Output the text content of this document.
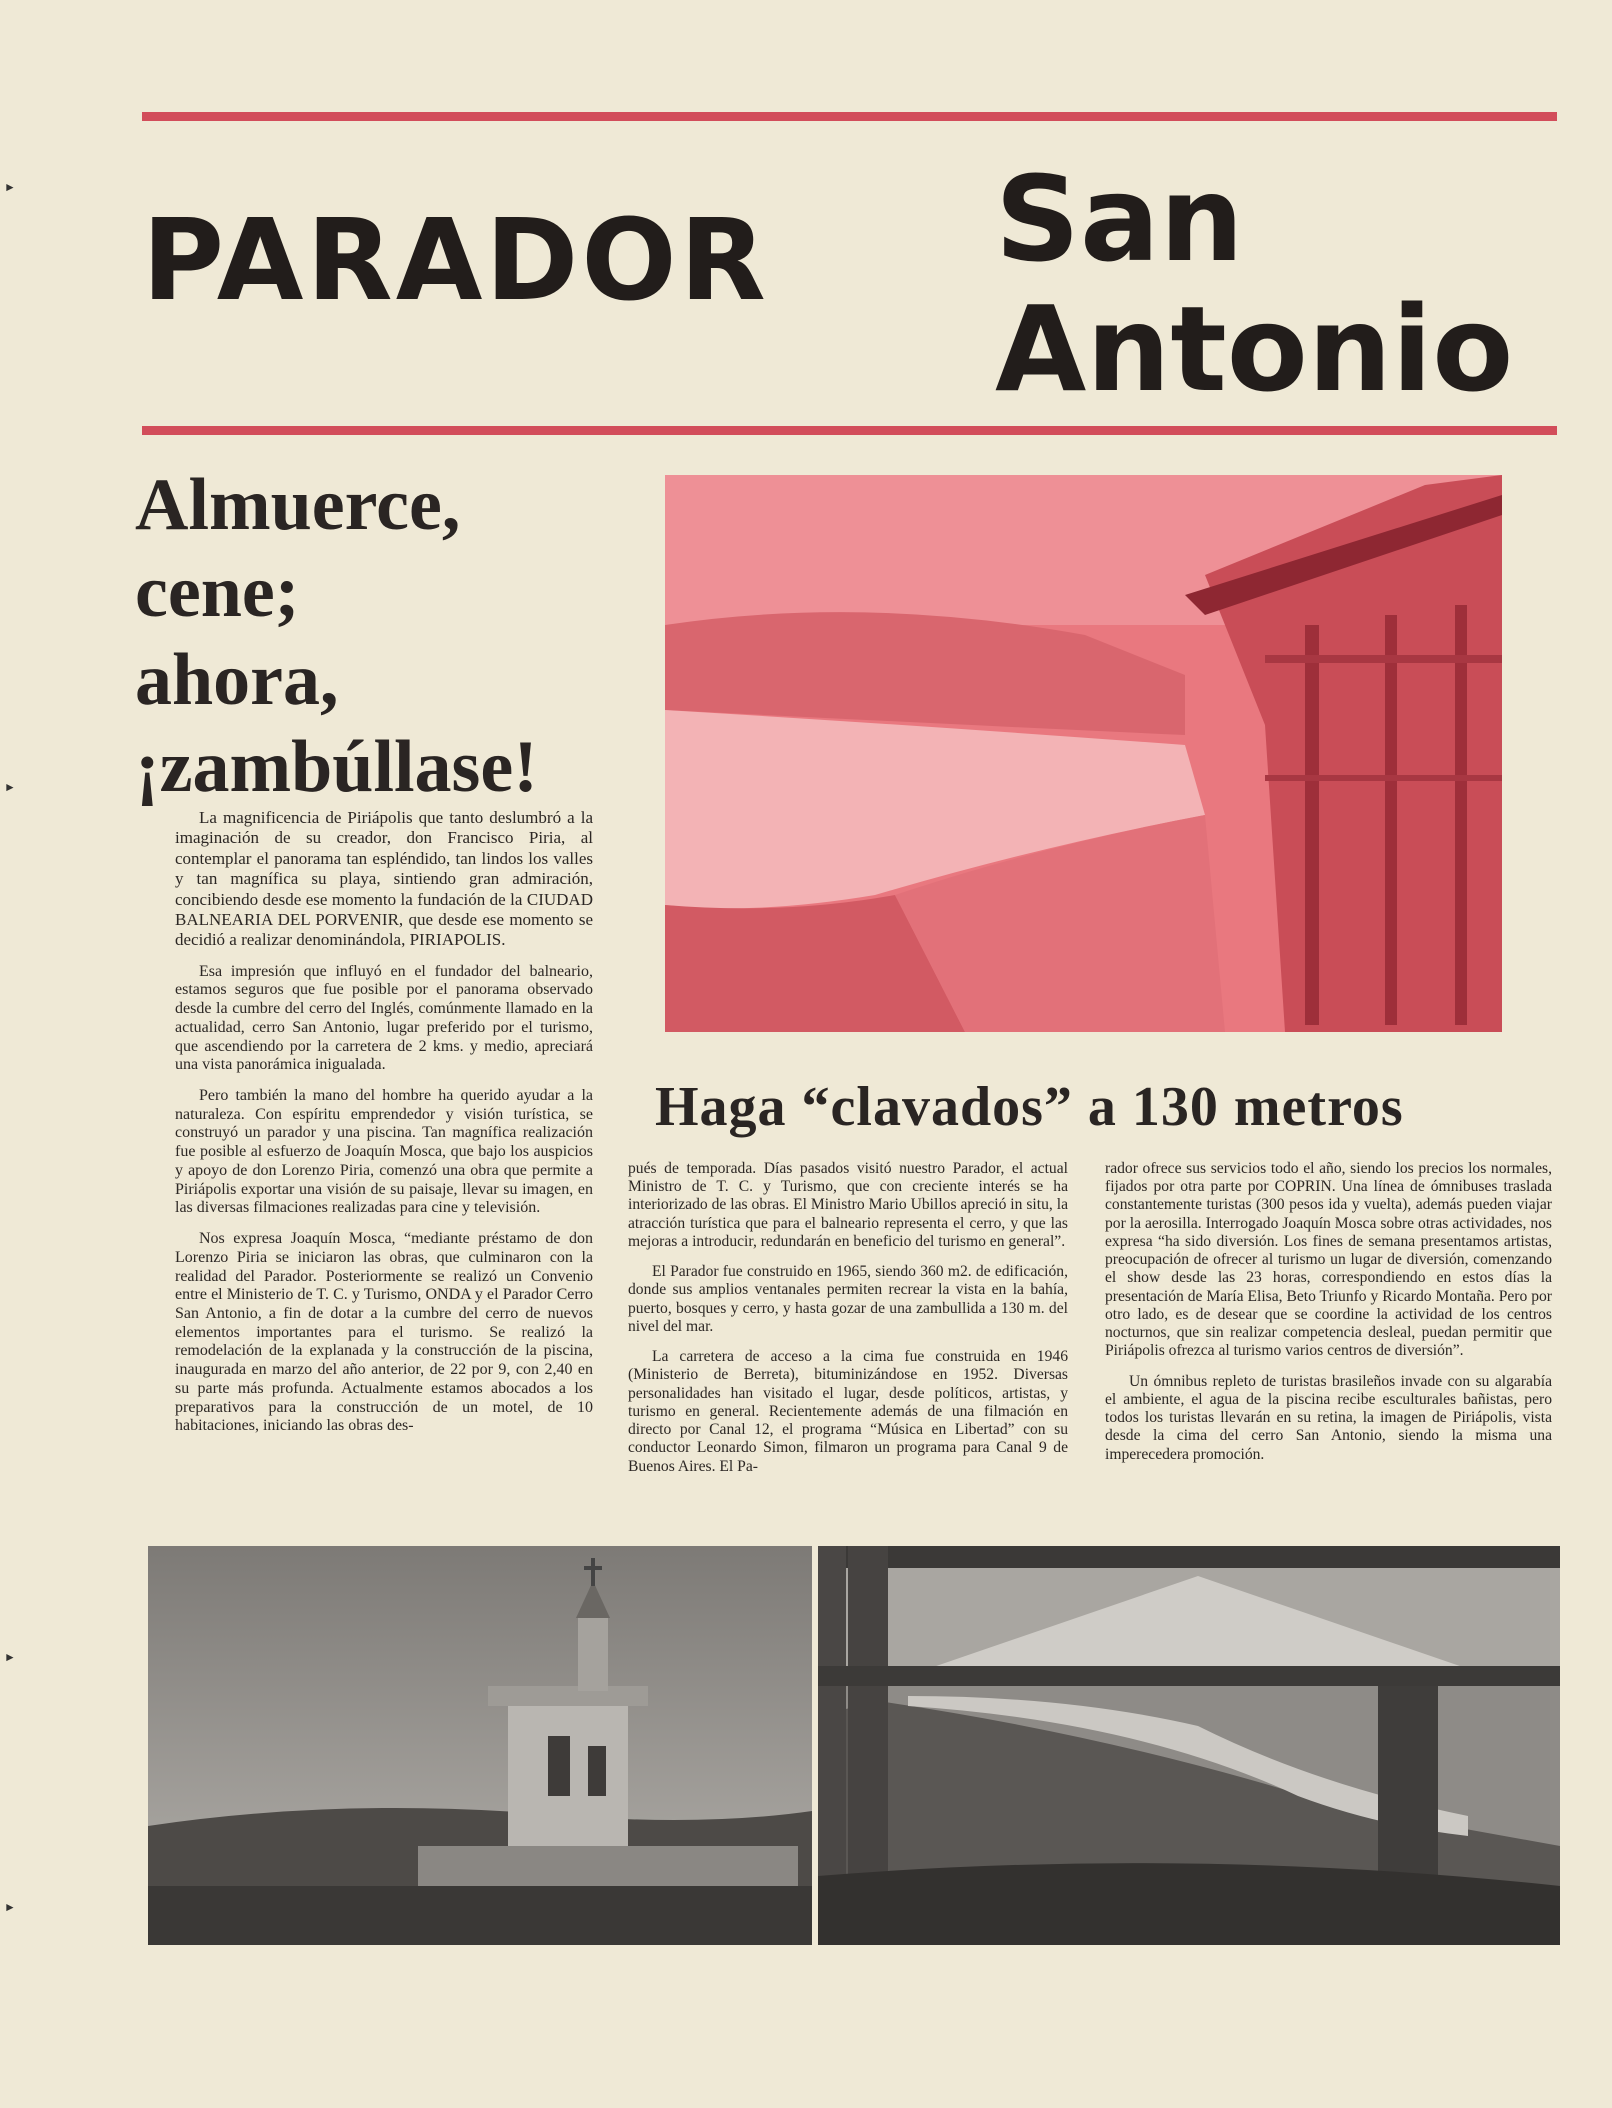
PARADOR San
Antonio
Almuerce,
cene;
ahora,
¡zambúllase!
Haga “clavados” a 130 metros

La magnificencia de Piriápolis que tanto deslumbró a la imaginación de su creador, don Francisco Piria, al contemplar el panorama tan espléndido, tan lindos los valles y tan magnífica su playa, sintiendo gran admiración, concibiendo desde ese momento la fundación de la CIUDAD BALNEARIA DEL PORVENIR, que desde ese momento se decidió a realizar denominándola, PIRIAPOLIS.

Esa impresión que influyó en el fundador del balneario, estamos seguros que fue posible por el panorama observado desde la cumbre del cerro del Inglés, comúnmente llamado en la actualidad, cerro San Antonio, lugar preferido por el turismo, que ascendiendo por la carretera de 2 kms. y medio, apreciará una vista panorámica inigualada.

Pero también la mano del hombre ha querido ayudar a la naturaleza. Con espíritu emprendedor y visión turística, se construyó un parador y una piscina. Tan magnífica realización fue posible al esfuerzo de Joaquín Mosca, que bajo los auspicios y apoyo de don Lorenzo Piria, comenzó una obra que permite a Piriápolis exportar una visión de su paisaje, llevar su imagen, en las diversas filmaciones realizadas para cine y televisión.

Nos expresa Joaquín Mosca, “mediante préstamo de don Lorenzo Piria se iniciaron las obras, que culminaron con la realidad del Parador. Posteriormente se realizó un Convenio entre el Ministerio de T. C. y Turismo, ONDA y el Parador Cerro San Antonio, a fin de dotar a la cumbre del cerro de nuevos elementos importantes para el turismo. Se realizó la remodelación de la explanada y la construcción de la piscina, inaugurada en marzo del año anterior, de 22 por 9, con 2,40 en su parte más profunda. Actualmente estamos abocados a los preparativos para la construcción de un motel, de 10 habitaciones, iniciando las obras des-

pués de temporada. Días pasados visitó nuestro Parador, el actual Ministro de T. C. y Turismo, que con creciente interés se ha interiorizado de las obras. El Ministro Mario Ubillos apreció in situ, la atracción turística que para el balneario representa el cerro, y que las mejoras a introducir, redundarán en beneficio del turismo en general”.

El Parador fue construido en 1965, siendo 360 m2. de edificación, donde sus amplios ventanales permiten recrear la vista en la bahía, puerto, bosques y cerro, y hasta gozar de una zambullida a 130 m. del nivel del mar.

La carretera de acceso a la cima fue construida en 1946 (Ministerio de Berreta), bituminizándose en 1952. Diversas personalidades han visitado el lugar, desde políticos, artistas, y turismo en general. Recientemente además de una filmación en directo por Canal 12, el programa “Música en Libertad” con su conductor Leonardo Simon, filmaron un programa para Canal 9 de Buenos Aires. El Pa-

rador ofrece sus servicios todo el año, siendo los precios los normales, fijados por otra parte por COPRIN. Una línea de ómnibuses traslada constantemente turistas (300 pesos ida y vuelta), además pueden viajar por la aerosilla. Interrogado Joaquín Mosca sobre otras actividades, nos expresa “ha sido diversión. Los fines de semana presentamos artistas, preocupación de ofrecer al turismo un lugar de diversión, comenzando el show desde las 23 horas, correspondiendo en estos días la presentación de María Elisa, Beto Triunfo y Ricardo Montaña. Pero por otro lado, es de desear que se coordine la actividad de los centros nocturnos, que sin realizar competencia desleal, puedan permitir que Piriápolis ofrezca al turismo varios centros de diversión”.

Un ómnibus repleto de turistas brasileños invade con su algarabía el ambiente, el agua de la piscina recibe esculturales bañistas, pero todos los turistas llevarán en su retina, la imagen de Piriápolis, vista desde la cima del cerro San Antonio, siendo la misma una imperecedera promoción.

►
►
►
►
